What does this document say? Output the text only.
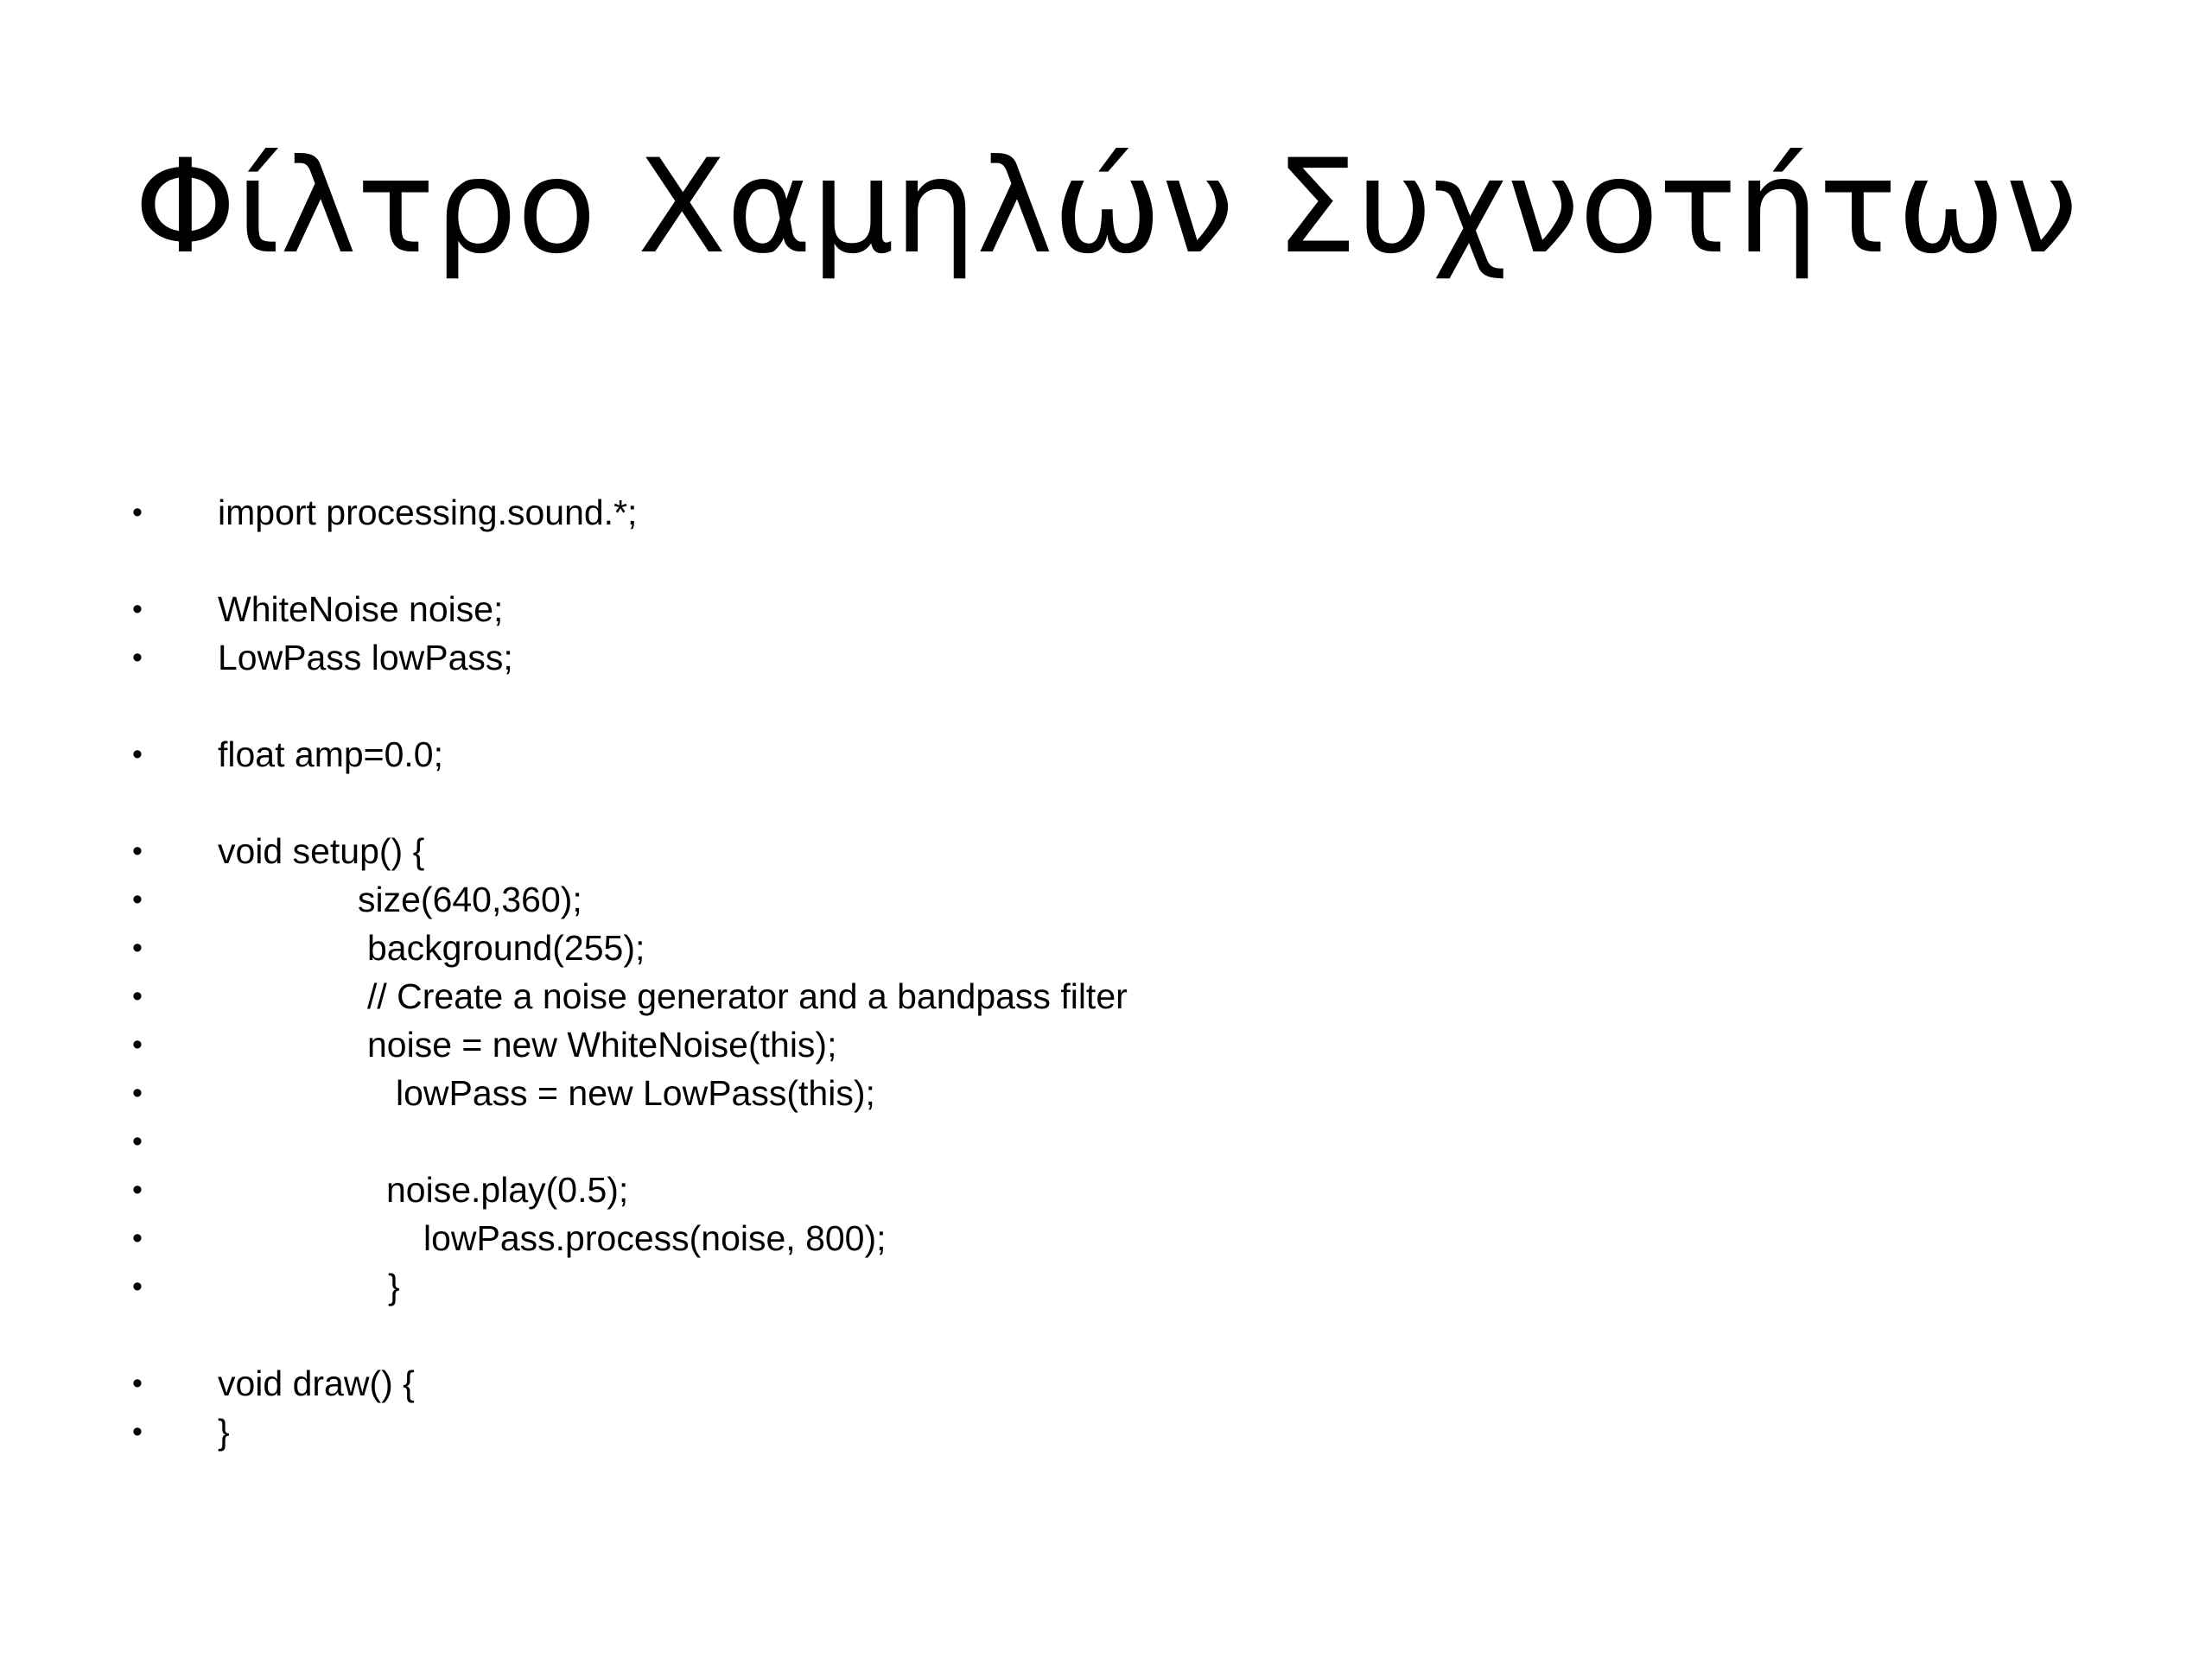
Φίλτρο Χαμηλών Συχνοτήτων

•

import processing.sound.*;

•

WhiteNoise noise;

•

LowPass lowPass;

•

float amp=0.0;

•

void setup() {

•

	size(640,360);

•

	background(255);

•

	// Create a noise generator and a bandpass filter

•

	noise = new WhiteNoise(this);

•

	lowPass = new LowPass(this);

•

•

	noise.play(0.5);

•

	lowPass.process(noise, 800);

•

	}

•

void draw() {

•

}
